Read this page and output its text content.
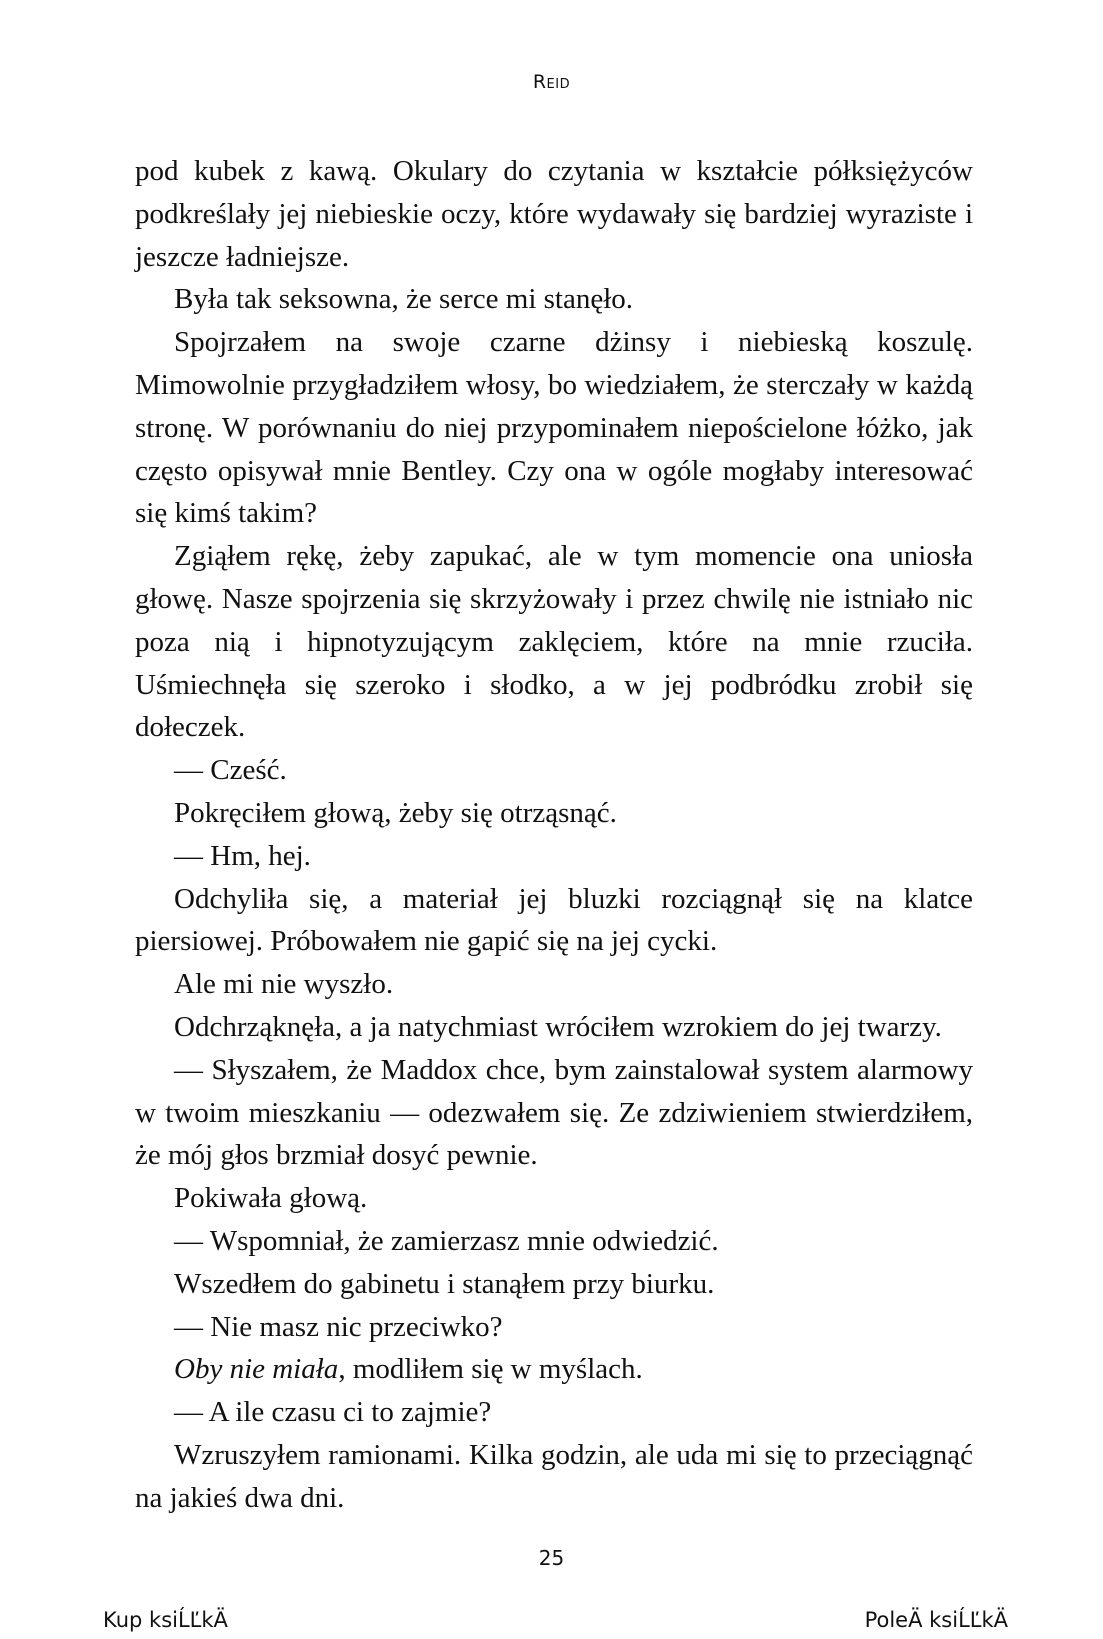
Reid

pod kubek z kawą. Okulary do czytania w kształcie półksiężyców podkreślały jej niebieskie oczy, które wydawały się bardziej wyraziste i jeszcze ładniejsze.

Była tak seksowna, że serce mi stanęło.

Spojrzałem na swoje czarne dżinsy i niebieską koszulę. Mimowolnie przygładziłem włosy, bo wiedziałem, że sterczały w każdą stronę. W porównaniu do niej przypominałem niepościelone łóżko, jak często opisywał mnie Bentley. Czy ona w ogóle mogłaby interesować się kimś takim?

Zgiąłem rękę, żeby zapukać, ale w tym momencie ona uniosła głowę. Nasze spojrzenia się skrzyżowały i przez chwilę nie istniało nic poza nią i hipnotyzującym zaklęciem, które na mnie rzuciła. Uśmiechnęła się szeroko i słodko, a w jej podbródku zrobił się dołeczek.

— Cześć.

Pokręciłem głową, żeby się otrząsnąć.

— Hm, hej.

Odchyliła się, a materiał jej bluzki rozciągnął się na klatce piersiowej. Próbowałem nie gapić się na jej cycki.

Ale mi nie wyszło.

Odchrząknęła, a ja natychmiast wróciłem wzrokiem do jej twarzy.

— Słyszałem, że Maddox chce, bym zainstalował system alarmowy w twoim mieszkaniu — odezwałem się. Ze zdziwieniem stwierdziłem, że mój głos brzmiał dosyć pewnie.

Pokiwała głową.

— Wspomniał, że zamierzasz mnie odwiedzić.

Wszedłem do gabinetu i stanąłem przy biurku.

— Nie masz nic przeciwko?

Oby nie miała, modliłem się w myślach.

— A ile czasu ci to zajmie?

Wzruszyłem ramionami. Kilka godzin, ale uda mi się to przeciągnąć na jakieś dwa dni.

25
Kup ksiĹĽkÄ	PoleÄ ksiĹĽkÄ
